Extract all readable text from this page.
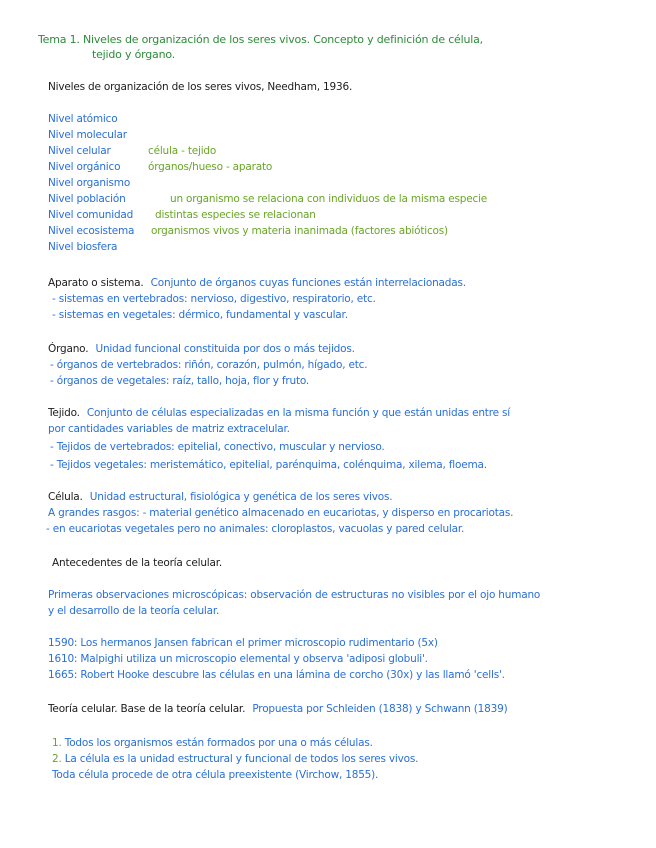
Tema 1. Niveles de organización de los seres vivos. Concepto y definición de célula,
tejido y órgano.
Niveles de organización de los seres vivos, Needham, 1936.
Nivel atómico
Nivel molecular
Nivel celular	célula - tejido
Nivel orgánico	órganos/hueso - aparato
Nivel organismo
Nivel población	un organismo se relaciona con individuos de la misma especie
Nivel comunidad distintas especies se relacionan
Nivel ecosistema organismos vivos y materia inanimada (factores abióticos)
Nivel biosfera
Aparato o sistema. Conjunto de órganos cuyas funciones están interrelacionadas.
- sistemas en vertebrados: nervioso, digestivo, respiratorio, etc.
- sistemas en vegetales: dérmico, fundamental y vascular.
Órgano. Unidad funcional constituida por dos o más tejidos.
- órganos de vertebrados: riñón, corazón, pulmón, hígado, etc.
- órganos de vegetales: raíz, tallo, hoja, flor y fruto.
Tejido. Conjunto de células especializadas en la misma función y que están unidas entre sí
por cantidades variables de matriz extracelular.
- Tejidos de vertebrados: epitelial, conectivo, muscular y nervioso.
- Tejidos vegetales: meristemático, epitelial, parénquima, colénquima, xilema, floema.
Célula. Unidad estructural, fisiológica y genética de los seres vivos.
A grandes rasgos: - material genético almacenado en eucariotas, y disperso en procariotas.
- en eucariotas vegetales pero no animales: cloroplastos, vacuolas y pared celular.
Antecedentes de la teoría celular.
Primeras observaciones microscópicas: observación de estructuras no visibles por el ojo humano
y el desarrollo de la teoría celular.
1590: Los hermanos Jansen fabrican el primer microscopio rudimentario (5x)
1610: Malpighi utiliza un microscopio elemental y observa 'adiposi globuli'.
1665: Robert Hooke descubre las células en una lámina de corcho (30x) y las llamó 'cells'.
Teoría celular. Base de la teoría celular. Propuesta por Schleiden (1838) y Schwann (1839)
1. Todos los organismos están formados por una o más células.
2. La célula es la unidad estructural y funcional de todos los seres vivos.
Toda célula procede de otra célula preexistente (Virchow, 1855).
